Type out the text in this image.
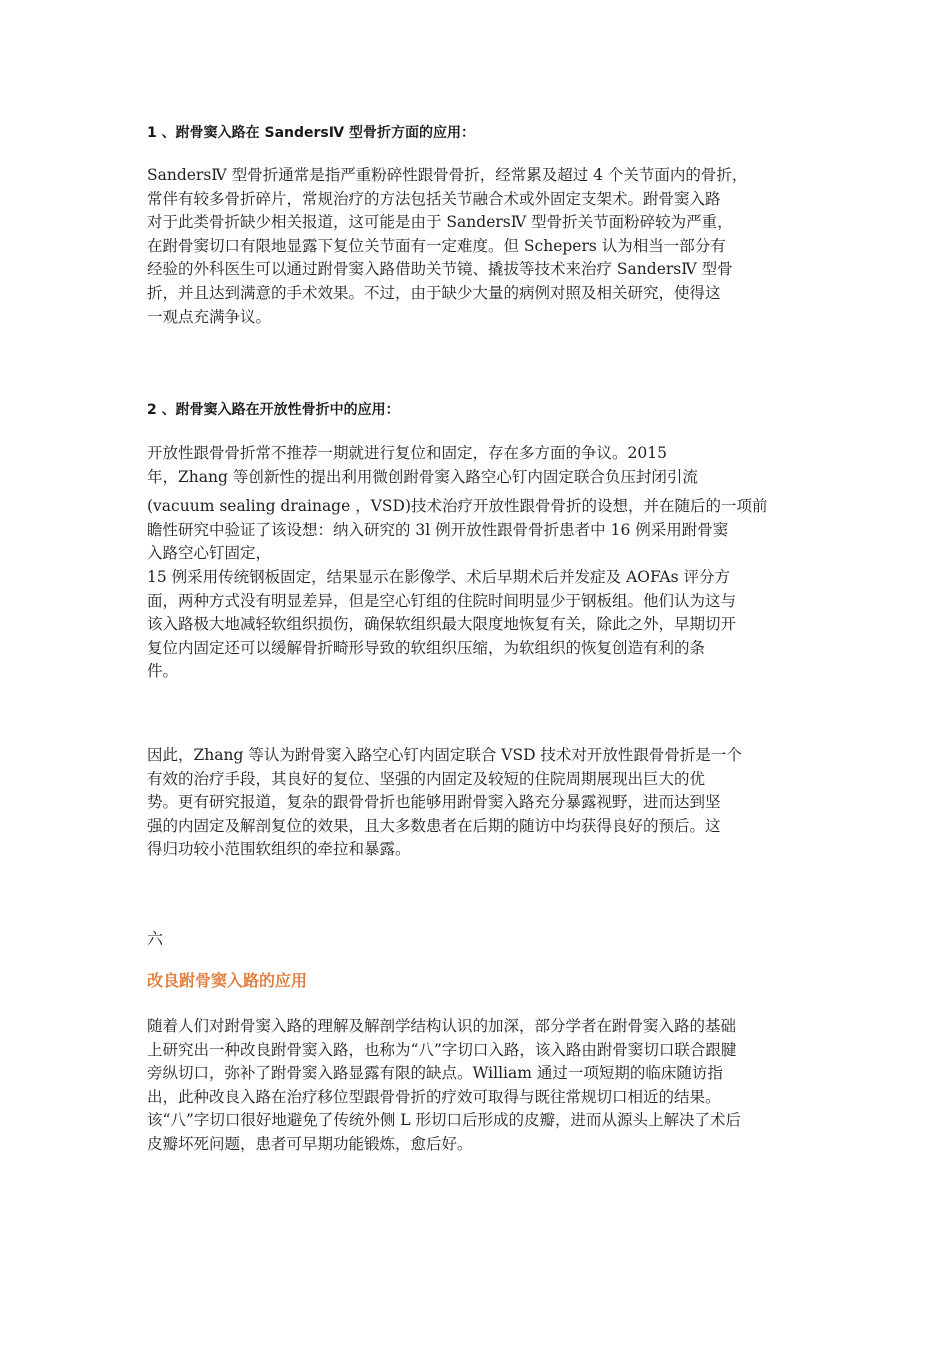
1 、跗骨窦入路在 SandersⅣ 型骨折方面的应用：
SandersⅣ 型骨折通常是指严重粉碎性跟骨骨折，经常累及超过 4 个关节面内的骨折，
常伴有较多骨折碎片，常规治疗的方法包括关节融合术或外固定支架术。跗骨窦入路
对于此类骨折缺少相关报道，这可能是由于 SandersⅣ 型骨折关节面粉碎较为严重，
在跗骨窦切口有限地显露下复位关节面有一定难度。但 Schepers 认为相当一部分有
经验的外科医生可以通过跗骨窦入路借助关节镜、撬拔等技术来治疗 SandersⅣ 型骨
折，并且达到满意的手术效果。不过，由于缺少大量的病例对照及相关研究，使得这
一观点充满争议。
2 、跗骨窦入路在开放性骨折中的应用：
开放性跟骨骨折常不推荐一期就进行复位和固定，存在多方面的争议。2015
年，Zhang 等创新性的提出利用微创跗骨窦入路空心钉内固定联合负压封闭引流
(vacuum sealing drainage ，VSD)技术治疗开放性跟骨骨折的设想，并在随后的一项前
瞻性研究中验证了该设想：纳入研究的 3l 例开放性跟骨骨折患者中 16 例采用跗骨窦
入路空心钉固定，
15 例采用传统钢板固定，结果显示在影像学、术后早期术后并发症及 AOFAs 评分方
面，两种方式没有明显差异，但是空心钉组的住院时间明显少于钢板组。他们认为这与
该入路极大地减轻软组织损伤，确保软组织最大限度地恢复有关，除此之外，早期切开
复位内固定还可以缓解骨折畸形导致的软组织压缩，为软组织的恢复创造有利的条
件。
因此，Zhang 等认为跗骨窦入路空心钉内固定联合 VSD 技术对开放性跟骨骨折是一个
有效的治疗手段，其良好的复位、坚强的内固定及较短的住院周期展现出巨大的优
势。更有研究报道，复杂的跟骨骨折也能够用跗骨窦入路充分暴露视野，进而达到坚
强的内固定及解剖复位的效果，且大多数患者在后期的随访中均获得良好的预后。这
得归功较小范围软组织的牵拉和暴露。
六
改良跗骨窦入路的应用
随着人们对跗骨窦入路的理解及解剖学结构认识的加深，部分学者在跗骨窦入路的基础
上研究出一种改良跗骨窦入路，也称为“八”字切口入路，该入路由跗骨窦切口联合跟腱
旁纵切口，弥补了跗骨窦入路显露有限的缺点。William 通过一项短期的临床随访指
出，此种改良入路在治疗移位型跟骨骨折的疗效可取得与既往常规切口相近的结果。
该“八”字切口很好地避免了传统外侧 L 形切口后形成的皮瓣，进而从源头上解决了术后
皮瓣坏死问题，患者可早期功能锻炼，愈后好。
